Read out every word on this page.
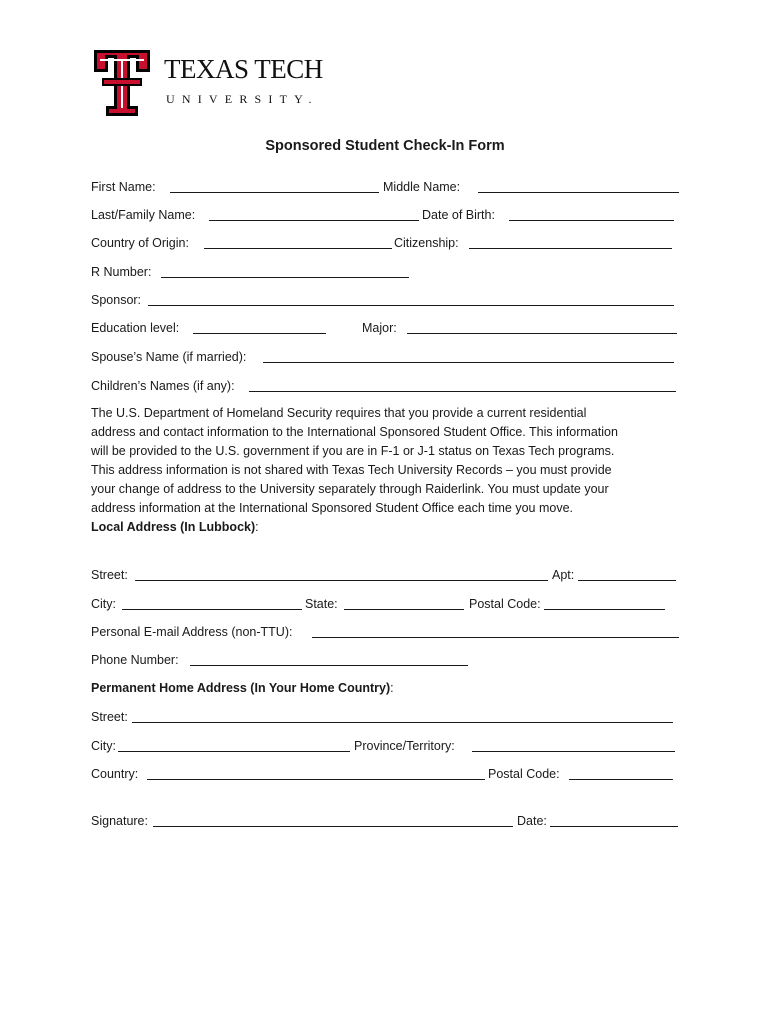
TEXAS TECH
UNIVERSITY.
Sponsored Student Check-In Form
First Name:	Middle Name:
Last/Family Name:	Date of Birth:
Country of Origin:	Citizenship:
R Number:
Sponsor:
Education level:	Major:
Spouse’s Name (if married):
Children’s Names (if any):

The U.S. Department of Homeland Security requires that you provide a current residential

address and contact information to the International Sponsored Student Office. This information

will be provided to the U.S. government if you are in F-1 or J-1 status on Texas Tech programs.

This address information is not shared with Texas Tech University Records – you must provide

your change of address to the University separately through Raiderlink. You must update your

address information at the International Sponsored Student Office each time you move.

Local Address (In Lubbock):

Street:	Apt:
City:	State:	Postal Code:
Personal E-mail Address (non-TTU):
Phone Number:
Permanent Home Address (In Your Home Country):
Street:
City:	Province/Territory:
Country:	Postal Code:
Signature:	Date:
